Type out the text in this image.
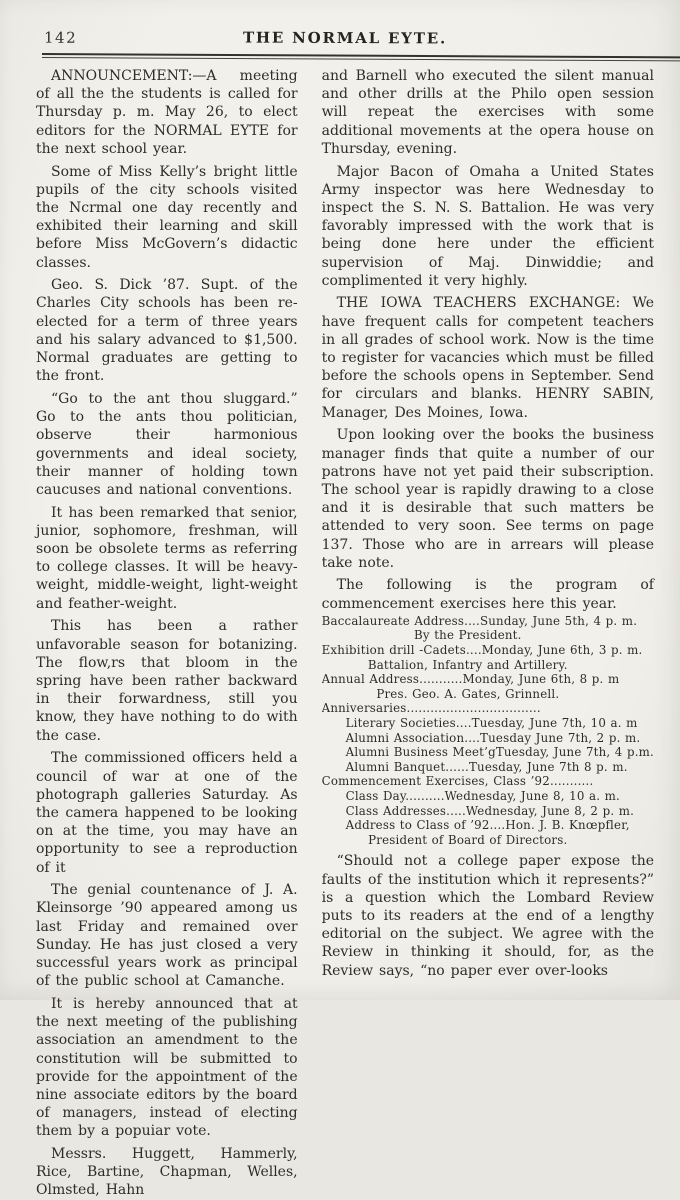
142	THE NORMAL EYTE.

ANNOUNCEMENT:—A meeting of all the the students is called for Thursday p. m. May 26, to elect editors for the NORMAL EYTE for the next school year.

Some of Miss Kelly’s bright little pupils of the city schools visited the Ncrmal one day recently and exhibited their learning and skill before Miss McGovern’s didactic classes.

Geo. S. Dick ’87. Supt. of the Charles City schools has been re-elected for a term of three years and his salary advanced to $1,500. Normal graduates are getting to the front.

“Go to the ant thou sluggard.” Go to the ants thou politician, observe their harmonious governments and ideal society, their manner of holding town caucuses and national conventions.

It has been remarked that senior, junior, sophomore, freshman, will soon be obsolete terms as referring to college classes. It will be heavy-weight, middle-weight, light-weight and feather-weight.

This has been a rather unfavorable season for botanizing. The flow,rs that bloom in the spring have been rather backward in their forwardness, still you know, they have nothing to do with the case.

The commissioned officers held a council of war at one of the photograph galleries Saturday. As the camera happened to be looking on at the time, you may have an opportunity to see a reproduction of it

The genial countenance of J. A. Kleinsorge ’90 appeared among us last Friday and remained over Sunday. He has just closed a very successful years work as principal of the public school at Camanche.

It is hereby announced that at the next meeting of the publishing association an amendment to the constitution will be submitted to provide for the appointment of the nine associate editors by the board of managers, instead of electing them by a popuiar vote.

Messrs. Huggett, Hammerly, Rice, Bartine, Chapman, Welles, Olmsted, Hahn

and Barnell who executed the silent manual and other drills at the Philo open session will repeat the exercises with some additional movements at the opera house on Thursday, evening.

Major Bacon of Omaha a United States Army inspector was here Wednesday to inspect the S. N. S. Battalion. He was very favorably impressed with the work that is being done here under the efficient supervision of Maj. Dinwiddie; and complimented it very highly.

THE IOWA TEACHERS EXCHANGE: We have frequent calls for competent teachers in all grades of school work. Now is the time to register for vacancies which must be filled before the schools opens in September. Send for circulars and blanks. HENRY SABIN, Manager, Des Moines, Iowa.

Upon looking over the books the business manager finds that quite a number of our patrons have not yet paid their subscription. The school year is rapidly drawing to a close and it is desirable that such matters be attended to very soon. See terms on page 137. Those who are in arrears will please take note.

The following is the program of commencement exercises here this year.

Baccalaureate Address....Sunday, June 5th, 4 p. m.
By the President.
Exhibition drill -Cadets....Monday, June 6th, 3 p. m.
Battalion, Infantry and Artillery.
Annual Address...........Monday, June 6th, 8 p. m
Pres. Geo. A. Gates, Grinnell.
Anniversaries..................................
Literary Societies....Tuesday, June 7th, 10 a. m
Alumni Association....Tuesday June 7th, 2 p. m.
Alumni Business Meet’gTuesday, June 7th, 4 p.m.
Alumni Banquet......Tuesday, June 7th 8 p. m.
Commencement Exercises, Class ’92...........
Class Day..........Wednesday, June 8, 10 a. m.
Class Addresses.....Wednesday, June 8, 2 p. m.
Address to Class of ’92....Hon. J. B. Knœpfler,
President of Board of Directors.

“Should not a college paper expose the faults of the institution which it represents?” is a question which the Lombard Review puts to its readers at the end of a lengthy editorial on the subject. We agree with the Review in thinking it should, for, as the Review says, “no paper ever over-looks
